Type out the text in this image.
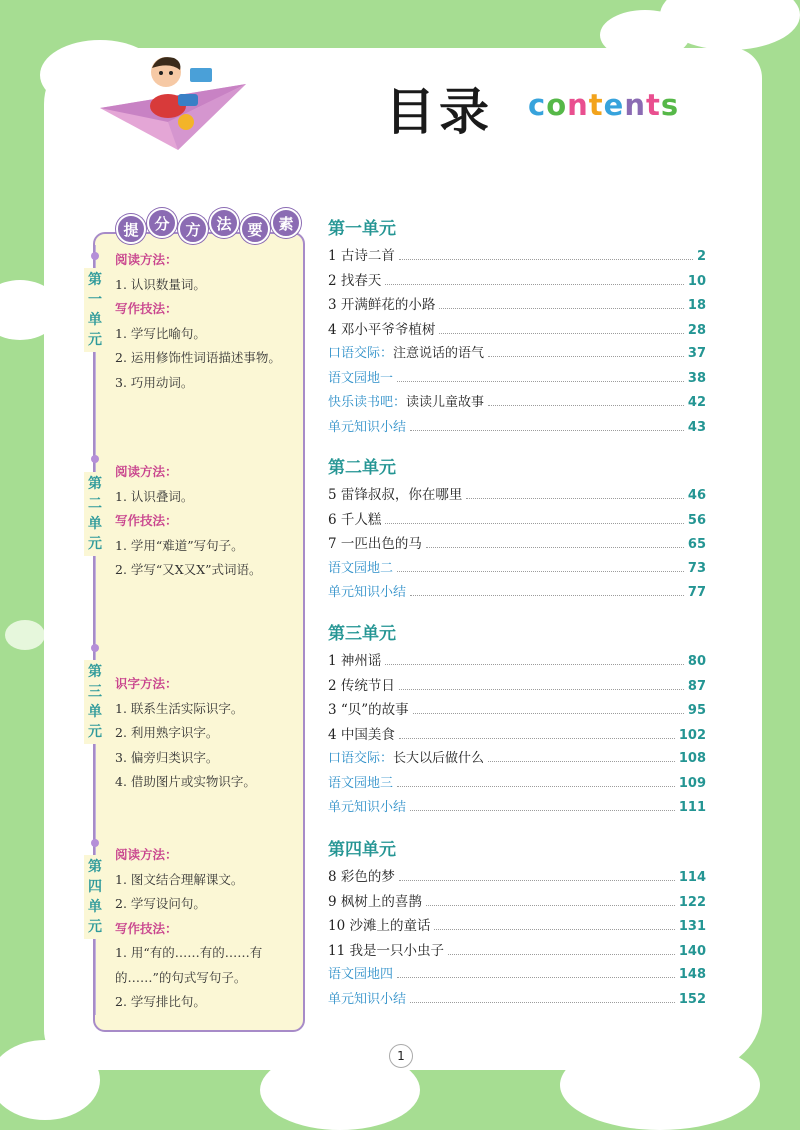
目录 contents
提	分	方	法	要	素
第
一
单
元
第
二
单
元
第
三
单
元
第
四
单
元
阅读方法：
1. 认识数量词。
写作技法：
1. 学写比喻句。
2. 运用修饰性词语描述事物。
3. 巧用动词。
阅读方法：
1. 认识叠词。
写作技法：
1. 学用“难道”写句子。
2. 学写“又X又X”式词语。
识字方法：
1. 联系生活实际识字。
2. 利用熟字识字。
3. 偏旁归类识字。
4. 借助图片或实物识字。
阅读方法：
1. 图文结合理解课文。
2. 学写设问句。
写作技法：
1. 用“有的……有的……有
的……”的句式写句子。
2. 学写排比句。
第一单元
1 古诗二首	2
2 找春天	10
3 开满鲜花的小路	18
4 邓小平爷爷植树	28
口语交际： 注意说话的语气	37
语文园地一	38
快乐读书吧： 读读儿童故事	42
单元知识小结	43
第二单元
5 雷锋叔叔，你在哪里	46
6 千人糕	56
7 一匹出色的马	65
语文园地二	73
单元知识小结	77
第三单元
1 神州谣	80
2 传统节日	87
3 “贝”的故事	95
4 中国美食	102
口语交际： 长大以后做什么	108
语文园地三	109
单元知识小结	111
第四单元
8 彩色的梦	114
9 枫树上的喜鹊	122
10 沙滩上的童话	131
11 我是一只小虫子	140
语文园地四	148
单元知识小结	152
1
